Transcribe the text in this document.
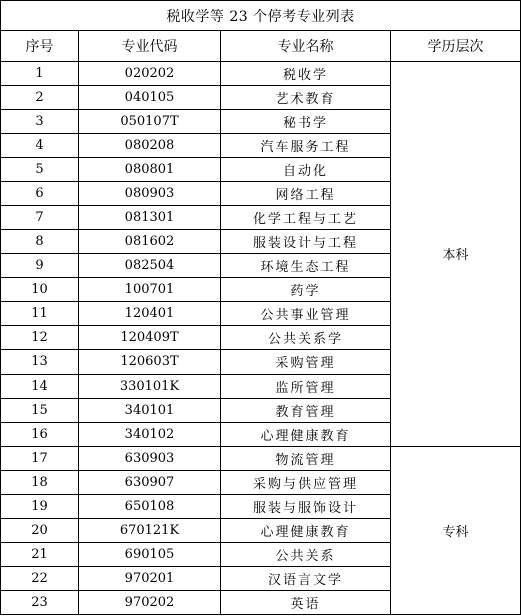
税收学等 23 个停考专业列表			
序号	专业代码	专业名称	学历层次
1	020202	税收学	本科
2	040105	艺术教育	
3	050107T	秘书学	
4	080208	汽车服务工程	
5	080801	自动化	
6	080903	网络工程	
7	081301	化学工程与工艺	
8	081602	服装设计与工程	
9	082504	环境生态工程	
10	100701	药学	
11	120401	公共事业管理	
12	120409T	公共关系学	
13	120603T	采购管理	
14	330101K	监所管理	
15	340101	教育管理	
16	340102	心理健康教育	
17	630903	物流管理	专科
18	630907	采购与供应管理	
19	650108	服装与服饰设计	
20	670121K	心理健康教育	
21	690105	公共关系	
22	970201	汉语言文学	
23	970202	英语	
